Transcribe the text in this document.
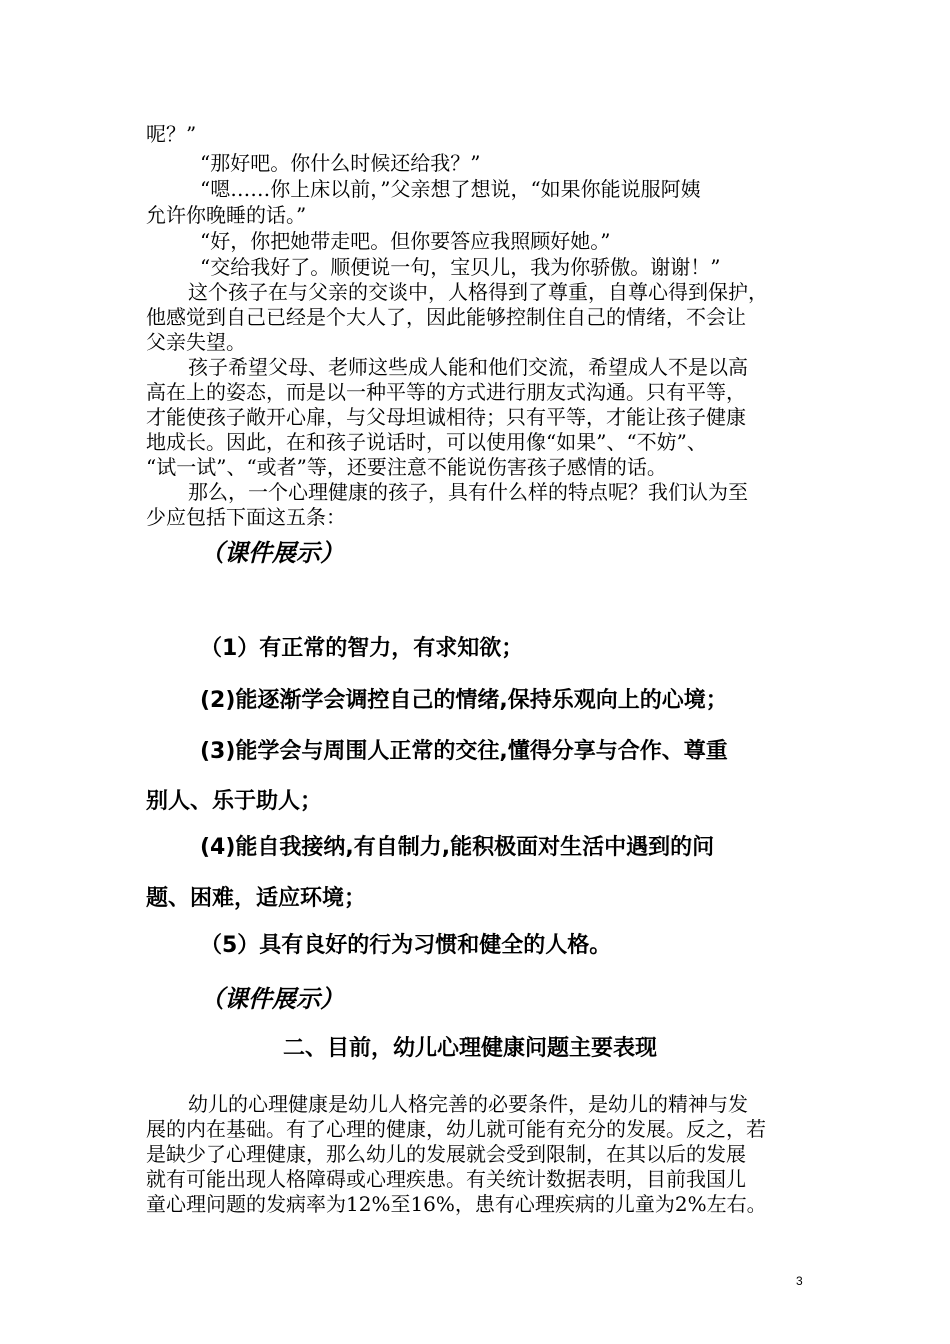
呢？”
“那好吧。你什么时候还给我？”
“嗯……你上床以前，”父亲想了想说，“如果你能说服阿姨
允许你晚睡的话。”
“好，你把她带走吧。但你要答应我照顾好她。”
“交给我好了。顺便说一句，宝贝儿，我为你骄傲。谢谢！”
这个孩子在与父亲的交谈中，人格得到了尊重，自尊心得到保护，
他感觉到自己已经是个大人了，因此能够控制住自己的情绪，不会让
父亲失望。
孩子希望父母、老师这些成人能和他们交流，希望成人不是以高
高在上的姿态，而是以一种平等的方式进行朋友式沟通。只有平等，
才能使孩子敞开心扉，与父母坦诚相待；只有平等，才能让孩子健康
地成长。因此，在和孩子说话时，可以使用像“如果”、“不妨”、
“试一试”、“或者”等，还要注意不能说伤害孩子感情的话。
那么，一个心理健康的孩子，具有什么样的特点呢？我们认为至
少应包括下面这五条：
（课件展示）
（1）有正常的智力，有求知欲；
(2)能逐渐学会调控自己的情绪,保持乐观向上的心境；
(3)能学会与周围人正常的交往,懂得分享与合作、尊重
别人、乐于助人；
(4)能自我接纳,有自制力,能积极面对生活中遇到的问
题、困难，适应环境；
（5）具有良好的行为习惯和健全的人格。
（课件展示）
二、目前，幼儿心理健康问题主要表现
幼儿的心理健康是幼儿人格完善的必要条件，是幼儿的精神与发
展的内在基础。有了心理的健康，幼儿就可能有充分的发展。反之，若
是缺少了心理健康，那么幼儿的发展就会受到限制，在其以后的发展
就有可能出现人格障碍或心理疾患。有关统计数据表明，目前我国儿
童心理问题的发病率为12%至16%，患有心理疾病的儿童为2%左右。
3
